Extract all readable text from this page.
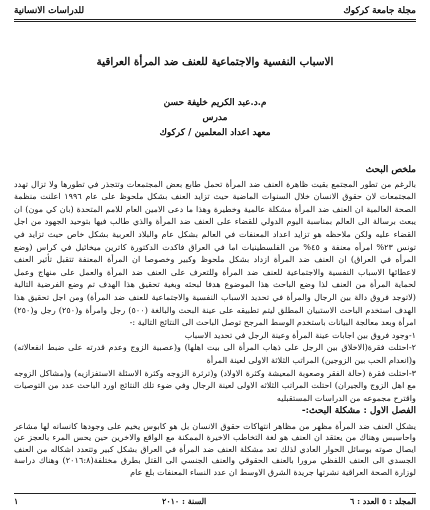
مجلة جامعة كركوك
للدراسات الانسانية
الاسباب النفسية والاجتماعية للعنف ضد المرأة العراقية
م.د.عبد الكريم خليفة حسن
مدرس
معهد اعداد المعلمين / كركوك
ملخص البحث

بالرغم من تطور المجتمع بقيت ظاهرة العنف ضد المرأة تحمل طابع بعض المجتمعات وتتجذر في تطورها ولا تزال تهدد المجتمعات لان حقوق الانسان خلال السنوات الماضية حيث تزايد العنف بشكل ملحوظ على عام ١٩٩٦ اعلنت منظمة الصحة العالمية ان العنف ضد المرأة مشكلة عالمية وخطيرة وهذا ما دعى الامين العام للامم المتحدة (بان كي مون) ان يبعث برسالة الى العالم بمناسبة اليوم الدولي للقضاء على العنف ضد المرأة والذي طالب فيها بتوحيد الجهود من اجل القضاء عليه ولكن ملاحظه هو تزايد اعداد المعنفات في العالم بشكل عام والبلاد العربية بشكل خاص حيث تزايد في تونس ٢٣% امرأه معنفة و ٤٥% من الفلسطينيات اما في العراق فاكدت الدكتورة كاترين ميخائيل في كراس (وضع المرأه في العراق) ان العنف ضد المرأة ازداد بشكل ملحوظ وكبير وخصوصا ان المرأة المعنفة تتقبل تأثير العنف لاعطائها الاسباب النفسية والاجتماعية للعنف ضد المرأة وللتعرف على العنف ضد المرأة والعمل على منهاج وعمل لحماية المرأة من العنف لذا وضع الباحث هذا الموضوع هدفا لبحثه وبغية تحقيق هذا الهدف تم وضع الفرضية التالية (لاتوجد فروق دالة بين الرجال والمرأة في تحديد الاسباب النفسية والاجتماعية للعنف ضد المرأة) ومن اجل تحقيق هذا الهدف استخدم الباحث الاستبيان المطلق ليتم تطبيقه على عينة البحث والبالغة (٥٠٠) رجل وامرأة و(٢٥٠) رجل و(٢٥٠) امرأة وبعد معالجة البيانات باستخدم الوسط المرجح توصل الباحث الى النتائج التالية :-

١-وجود فروق بين اجابات عينة المرأة وعينة الرجل في تحديد الاسباب
٢-احتلت فقرة(الاخلاق بين الرجل على ذهاب المرأة الى بيت اهلها) و(عصبية الزوج وعدم قدرته على ضبط انفعالاته) و(انعدام الحب بين الزوجين) المراتب الثلاثة الاولى لعينة المرأة
٣-احتلت فقرة (حالة الفقر وصعوبة المعيشة وكثرة الاولاد) و(ترثرة الزوجه وكثرة الاسئلة الاستفزازيه) و(مشاكل الزوجه مع اهل الزوج والجيران) احتلت المراتب الثلاثه الاولى لعينة الرجال وفي ضوء تلك النتائج اورد الباحث عدد من التوصيات واقترح مجموعه من الدراسات المستقبليه
الفصل الاول : مشكلة البحث:-

يشكل العنف ضد المرأة مظهر من مظاهر انتهاكات حقوق الانسان بل هو كابوس يخيم على وجودها كانسانه لها مشاعر واحاسيس وهناك من يعتقد ان العنف هو لغة التخاطب الاخيرة الممكنة مع الواقع والاخرين حين يحس المرء بالعجز عن ايصال صوته بوسائل الحوار العادي لذلك تعد مشكلة العنف ضد المرأة في العراق بشكل كبير وتتعدد اشكاله من العنف الجسدي الى العنف اللفظي مرورا بالعنف الحقوقي والعنف الجنسي الى القتل بطرق مختلفة(٢٠١٦:٨) وهناك دراسة لوزارة الصحة العراقية نشرتها جريدة الشرق الاوسط ان عدد النساء المعنفات بلغ عام

المجلد : ٥ العدد : ٦
السنة : ٢٠١٠
١
